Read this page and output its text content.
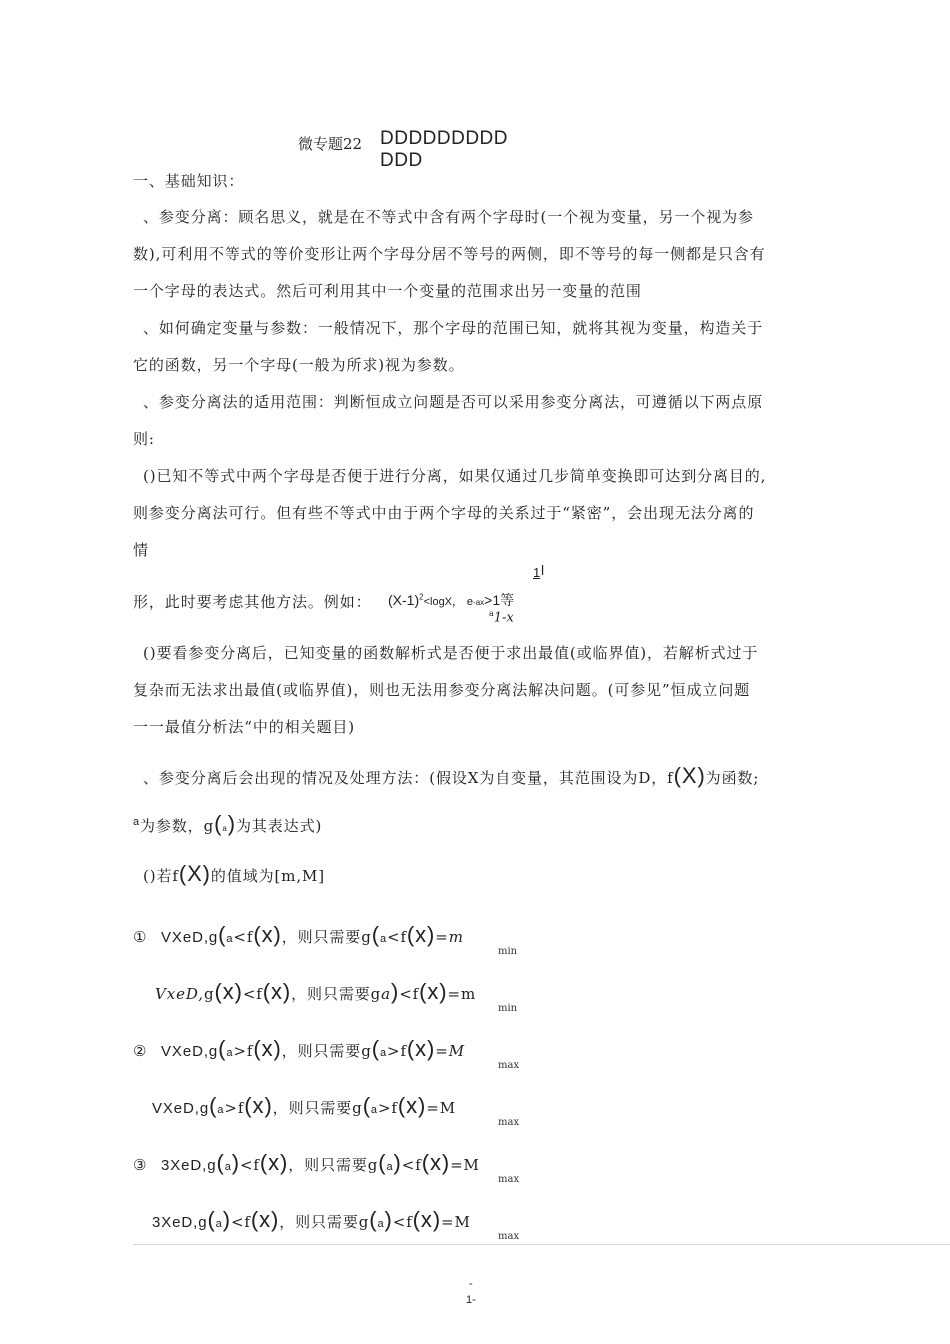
微专题22 DDDDDDDDD
DDD
一、基础知识：
、参变分离：顾名思义，就是在不等式中含有两个字母时(一个视为变量，另一个视为参
数),可利用不等式的等价变形让两个字母分居不等号的两侧，即不等号的每一侧都是只含有
一个字母的表达式。然后可利用其中一个变量的范围求出另一变量的范围
、如何确定变量与参数：一般情况下，那个字母的范围已知，就将其视为变量，构造关于
它的函数，另一个字母(一般为所求)视为参数。
、参变分离法的适用范围：判断恒成立问题是否可以采用参变分离法，可遵循以下两点原
则:
()已知不等式中两个字母是否便于进行分离，如果仅通过几步简单变换即可达到分离目的,
则参变分离法可行。但有些不等式中由于两个字母的关系过于“紧密”，会出现无法分离的
情
形，此时要考虑其他方法。例如： $(X-1)^2<\log X$， e-ax>1等
1 l
$^a$1-x
()要看参变分离后，已知变量的函数解析式是否便于求出最值(或临界值)，若解析式过于
复杂而无法求出最值(或临界值)，则也无法用参变分离法解决问题。(可参见”恒成立问题
一一最值分析法“中的相关题目)
、参变分离后会出现的情况及处理方法：(假设X为自变量，其范围设为D，f(X)为函数;
$^a$为参数，g(a)为其表达式)
()若f(X)的值域为[m,M]
① VXeD,g(a<f(x)，则只需要g(a<f(x)=m
min
VxeD,g(x)<f(x)，则只需要ga)<f(x)=m
min
② VXeD,g(a>f(x)，则只需要g(a>f(x)=M
max
VXeD,g(a>f(x)，则只需要g(a>f(x)=M
max
③ 3XeD,g(a)<f(x)，则只需要g(a)<f(x)=M
max
3XeD,g(a)<f(x)，则只需要g(a)<f(x)=M
max
-
1-
